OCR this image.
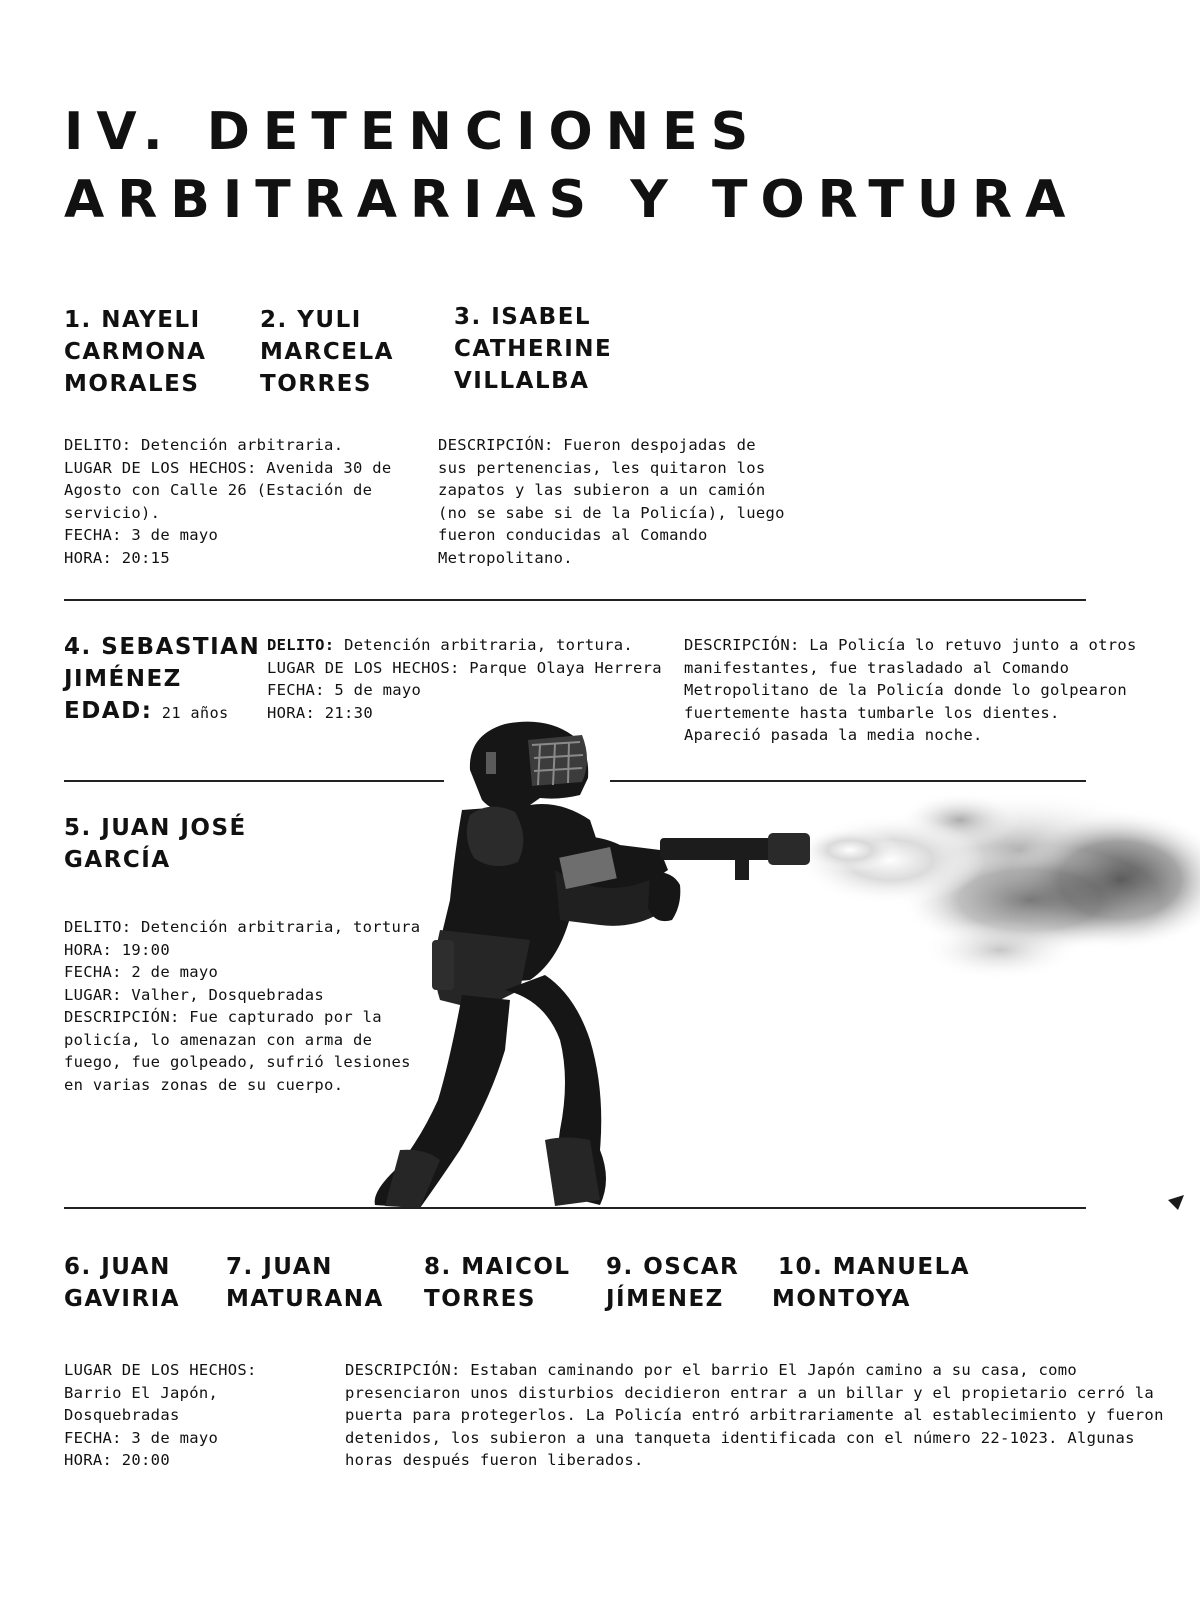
IV. DETENCIONES
ARBITRARIAS Y TORTURA
1. NAYELI
CARMONA
MORALES
2. YULI
MARCELA
TORRES
3. ISABEL
CATHERINE
VILLALBA
DELITO: Detención arbitraria.
LUGAR DE LOS HECHOS: Avenida 30 de
Agosto con Calle 26 (Estación de
servicio).
FECHA: 3 de mayo
HORA: 20:15
DESCRIPCIÓN: Fueron despojadas de
sus pertenencias, les quitaron los
zapatos y las subieron a un camión
(no se sabe si de la Policía), luego
fueron conducidas al Comando
Metropolitano.
4. SEBASTIAN
JIMÉNEZ
EDAD: 21 años
DELITO: Detención arbitraria, tortura.
LUGAR DE LOS HECHOS: Parque Olaya Herrera
FECHA: 5 de mayo
HORA: 21:30
DESCRIPCIÓN: La Policía lo retuvo junto a otros
manifestantes, fue trasladado al Comando
Metropolitano de la Policía donde lo golpearon
fuertemente hasta tumbarle los dientes.
Apareció pasada la media noche.
5. JUAN JOSÉ
GARCÍA
DELITO: Detención arbitraria, tortura
HORA: 19:00
FECHA: 2 de mayo
LUGAR: Valher, Dosquebradas
DESCRIPCIÓN: Fue capturado por la
policía, lo amenazan con arma de
fuego, fue golpeado, sufrió lesiones
en varias zonas de su cuerpo.
6. JUAN
GAVIRIA
7. JUAN
MATURANA
8. MAICOL
TORRES
9. OSCAR
JÍMENEZ
10. MANUELA
MONTOYA
LUGAR DE LOS HECHOS:
Barrio El Japón,
Dosquebradas
FECHA: 3 de mayo
HORA: 20:00
DESCRIPCIÓN: Estaban caminando por el barrio El Japón camino a su casa, como
presenciaron unos disturbios decidieron entrar a un billar y el propietario cerró la
puerta para protegerlos. La Policía entró arbitrariamente al establecimiento y fueron
detenidos, los subieron a una tanqueta identificada con el número 22-1023. Algunas
horas después fueron liberados.
